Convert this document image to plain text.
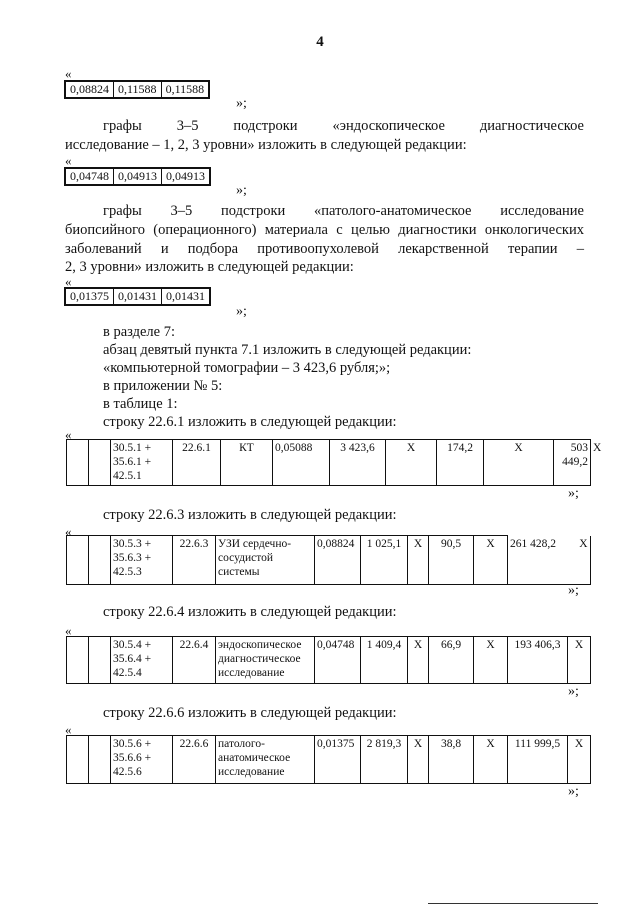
4
«
0,08824	0,11588	0,11588
»;
графы 3–5 подстроки «эндоскопическое диагностическое
исследование – 1, 2, 3 уровни» изложить в следующей редакции:
«
0,04748	0,04913	0,04913
»;
графы 3–5 подстроки «патолого-анатомическое исследование
биопсийного (операционного) материала с целью диагностики онкологических
заболеваний и подбора противоопухолевой лекарственной терапии –
2, 3 уровни» изложить в следующей редакции:
«
0,01375	0,01431	0,01431
»;
в разделе 7:
абзац девятый пункта 7.1 изложить в следующей редакции:
«компьютерной томографии – 3 423,6 рубля;»;
в приложении № 5:
в таблице 1:
строку 22.6.1 изложить в следующей редакции:
«

30.5.1 +
35.6.1 +
42.5.1
	22.6.1	КТ	0,05088	3 423,6	X	174,2	X	503 449,2	X
»;
строку 22.6.3 изложить в следующей редакции:
«

30.5.3 +
35.6.3 +
42.5.3
	22.6.3	УЗИ сердечно-
сосудистой
системы
	0,08824	1 025,1	X	90,5	X	261 428,2 X
»;
строку 22.6.4 изложить в следующей редакции:
«

30.5.4 +
35.6.4 +
42.5.4
	22.6.4	эндоскопическое
диагностическое
исследование
	0,04748	1 409,4	X	66,9	X	193 406,3	X
»;
строку 22.6.6 изложить в следующей редакции:
«

30.5.6 +
35.6.6 +
42.5.6
	22.6.6	патолого-
анатомическое
исследование
	0,01375	2 819,3	X	38,8	X	111 999,5	X
»;
